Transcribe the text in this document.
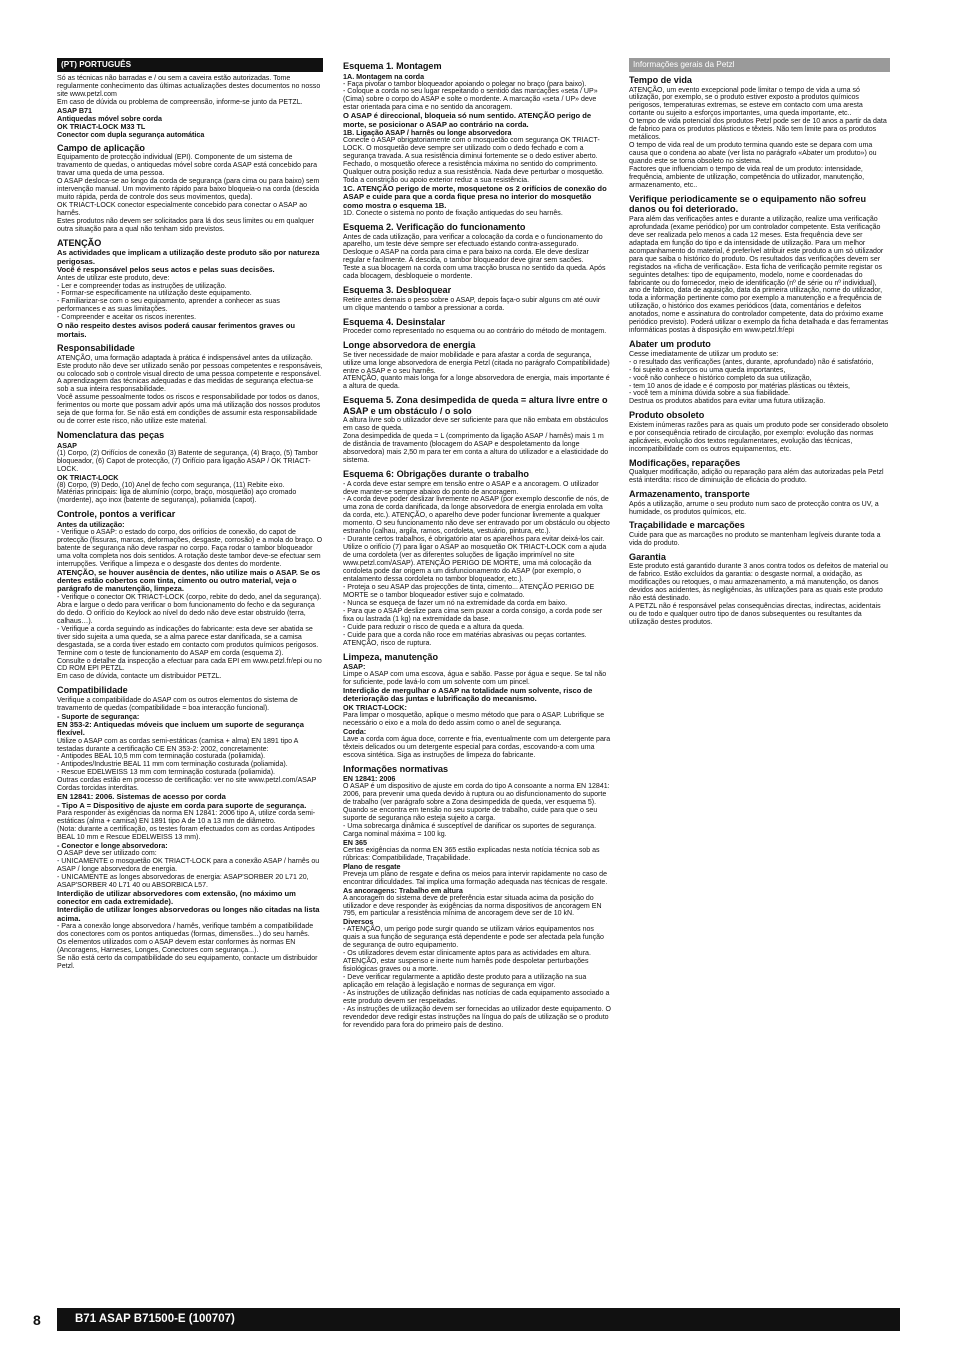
(PT) PORTUGUÊS
Só as técnicas não barradas e / ou sem a caveira estão autorizadas. Tome regularmente conhecimento das últimas actualizações destes documentos no nosso site www.petzl.com
Em caso de dúvida ou problema de compreensão, informe-se junto da PETZL.
ASAP B71
Antiquedas móvel sobre corda
OK TRIACT-LOCK M33 TL
Conector com dupla segurança automática
Campo de aplicação
Equipamento de protecção individual (EPI). Componente de um sistema de travamento de quedas, o antiquedas móvel sobre corda ASAP está concebido para travar uma queda de uma pessoa.
O ASAP desloca-se ao longo da corda de segurança (para cima ou para baixo) sem intervenção manual. Um movimento rápido para baixo bloqueia-o na corda (descida muito rápida, perda de controle dos seus movimentos, queda).
OK TRIACT-LOCK conector especialmente concebido para conectar o ASAP ao harnês.
Estes produtos não devem ser solicitados para lá dos seus limites ou em qualquer outra situação para a qual não tenham sido previstos.
ATENÇÃO
As actividades que implicam a utilização deste produto são por natureza perigosas.
Você é responsável pelos seus actos e pelas suas decisões.
Antes de utilizar este produto, deve:
- Ler e compreender todas as instruções de utilização.
- Formar-se especificamente na utilização deste equipamento.
- Familiarizar-se com o seu equipamento, aprender a conhecer as suas performances e as suas limitações.
- Compreender e aceitar os riscos inerentes.
O não respeito destes avisos poderá causar ferimentos graves ou mortais.
Responsabilidade
ATENÇÃO, uma formação adaptada à prática é indispensável antes da utilização.
Este produto não deve ser utilizado senão por pessoas competentes e responsáveis, ou colocado sob o controle visual directo de uma pessoa competente e responsável.
A aprendizagem das técnicas adequadas e das medidas de segurança efectua-se sob a sua inteira responsabilidade.
Você assume pessoalmente todos os riscos e responsabilidade por todos os danos, ferimentos ou morte que possam advir após uma má utilização dos nossos produtos seja de que forma for. Se não está em condições de assumir esta responsabilidade ou de correr este risco, não utilize este material.
Nomenclatura das peças
ASAP
(1) Corpo, (2) Orifícios de conexão (3) Batente de segurança, (4) Braço, (5) Tambor bloqueador, (6) Capot de protecção, (7) Orifício para ligação ASAP / OK TRIACT-LOCK.
OK TRIACT-LOCK
(8) Corpo, (9) Dedo, (10) Anel de fecho com segurança, (11) Rebite eixo.
Matérias principais: liga de alumínio (corpo, braço, mosquetão) aço cromado (mordente), aço inox (batente de segurança), poliamida (capot).
Controle, pontos a verificar
Antes da utilização:
- Verifique o ASAP: o estado do corpo, dos orifícios de conexão, do capot de protecção (fissuras, marcas, deformações, desgaste, corrosão) e a mola do braço. O batente de segurança não deve raspar no corpo. Faça rodar o tambor bloqueador uma volta completa nos dois sentidos. A rotação deste tambor deve-se efectuar sem interrupções. Verifique a limpeza e o desgaste dos dentes do mordente.
ATENÇÃO, se houver ausência de dentes, não utilize mais o ASAP. Se os dentes estão cobertos com tinta, cimento ou outro material, veja o parágrafo de manutenção, limpeza.
- Verifique o conector OK TRIACT-LOCK (corpo, rebite do dedo, anel da segurança). Abra e largue o dedo para verificar o bom funcionamento do fecho e da segurança do dedo. O orifício do Keylock ao nível do dedo não deve estar obstruído (terra, calhaus…).
- Verifique a corda seguindo as indicações do fabricante: esta deve ser abatida se tiver sido sujeita a uma queda, se a alma parece estar danificada, se a camisa desgastada, se a corda tiver estado em contacto com produtos químicos perigosos.
Termine com o teste de funcionamento do ASAP em corda (esquema 2).
Consulte o detalhe da inspecção a efectuar para cada EPI em www.petzl.fr/epi ou no CD ROM EPI PETZL.
Em caso de dúvida, contacte um distribuidor PETZL.
Compatibilidade
Verifique a compatibilidade do ASAP com os outros elementos do sistema de travamento de quedas (compatibilidade = boa interacção funcional).
- Suporte de segurança:
EN 353-2: Antiquedas móveis que incluem um suporte de segurança flexível.
Utilize o ASAP com as cordas semi-estáticas (camisa + alma) EN 1891 tipo A testadas durante a certificação CE EN 353-2: 2002, concretamente:
- Antipodes BEAL 10,5 mm com terminação costurada (poliamida).
- Antipodes/Industrie BEAL 11 mm com terminação costurada (poliamida).
- Rescue EDELWEISS 13 mm com terminação costurada (poliamida).
Outras cordas estão em processo de certificação: ver no site www.petzl.com/ASAP Cordas torcidas interditas.
EN 12841: 2006. Sistemas de acesso por corda
- Tipo A = Dispositivo de ajuste em corda para suporte de segurança.
Para responder às exigências da norma EN 12841: 2006 tipo A, utilize corda semi-estáticas (alma + camisa) EN 1891 tipo A de 10 a 13 mm de diâmetro.
(Nota: durante a certificação, os testes foram efectuados com as cordas Antipodes BEAL 10 mm e Rescue EDELWEISS 13 mm).
- Conector e longe absorvedora:
O ASAP deve ser utilizado com:
- UNICAMENTE o mosquetão OK TRIACT-LOCK para a conexão ASAP / harnês ou ASAP / longe absorvedora de energia.
- UNICAMENTE as longes absorvedoras de energia: ASAP'SORBER 20 L71 20, ASAP'SORBER 40 L71 40 ou ABSORBICA L57.
Interdição de utilizar absorvedores com extensão, (no máximo um conector em cada extremidade).
Interdição de utilizar longes absorvedoras ou longes não citadas na lista acima.
- Para a conexão longe absorvedora / harnês, verifique também a compatibilidade dos conectores com os pontos antiquedas (formas, dimensões...) do seu harnês.
Os elementos utilizados com o ASAP devem estar conformes às normas EN (Ancoragens, Harneses, Longes, Conectores com segurança...).
Se não está certo da compatibilidade do seu equipamento, contacte um distribuidor Petzl.
Esquema 1. Montagem
1A. Montagem na corda
- Faça pivotar o tambor bloqueador apoiando o polegar no braço (para baixo).
- Coloque a corda no seu lugar respeitando o sentido das marcações «seta / UP» (Cima) sobre o corpo do ASAP e solte o mordente. A marcação «seta / UP» deve estar orientada para cima e no sentido da ancoragem.
O ASAP é direccional, bloqueia só num sentido. ATENÇÃO perigo de morte, se posicionar o ASAP ao contrário na corda.
1B. Ligação ASAP / harnês ou longe absorvedora
Conecte o ASAP obrigatoriamente com o mosquetão com segurança OK TRIACT-LOCK. O mosquetão deve sempre ser utilizado com o dedo fechado e com a segurança travada. A sua resistência diminui fortemente se o dedo estiver aberto. Fechado, o mosquetão oferece a resistência máxima no sentido do comprimento. Qualquer outra posição reduz a sua resistência. Nada deve perturbar o mosquetão. Toda a constrição ou apoio exterior reduz a sua resistência.
1C. ATENÇÃO perigo de morte, mosquetone os 2 orifícios de conexão do ASAP e cuide para que a corda fique presa no interior do mosquetão como mostra o esquema 1B.
1D. Conecte o sistema no ponto de fixação antiquedas do seu harnês.
Esquema 2. Verificação do funcionamento
Antes de cada utilização, para verificar a colocação da corda e o funcionamento do aparelho, um teste deve sempre ser efectuado estando contra-assegurado.
Desloque o ASAP na corda para cima e para baixo na corda. Ele deve deslizar regular e facilmente. À descida, o tambor bloqueador deve girar sem sacões.
Teste a sua blocagem na corda com uma tracção brusca no sentido da queda. Após cada blocagem, desbloqueie o mordente.
Esquema 3. Desbloquear
Retire antes demais o peso sobre o ASAP, depois faça-o subir alguns cm até ouvir um clique mantendo o tambor a pressionar a corda.
Esquema 4. Desinstalar
Proceder como representado no esquema ou ao contrário do método de montagem.
Longe absorvedora de energia
Se tiver necessidade de maior mobilidade e para afastar a corda de segurança, utilize uma longe absorvedora de energia Petzl (citada no parágrafo Compatibilidade) entre o ASAP e o seu harnês.
ATENÇÃO, quanto mais longa for a longe absorvedora de energia, mais importante é a altura de queda.
Esquema 5. Zona desimpedida de queda = altura livre entre o ASAP e um obstáculo / o solo
A altura livre sob o utilizador deve ser suficiente para que não embata em obstáculos em caso de queda.
Zona desimpedida de queda = L (comprimento da ligação ASAP / harnês) mais 1 m de distância de travamento (blocagem do ASAP e despoletamento da longe absorvedora) mais 2,50 m para ter em conta a altura do utilizador e a elasticidade do sistema.
Esquema 6: Obrigações durante o trabalho
- A corda deve estar sempre em tensão entre o ASAP e a ancoragem. O utilizador deve manter-se sempre abaixo do ponto de ancoragem.
- A corda deve poder deslizar livremente no ASAP (por exemplo desconfie de nós, de uma zona de corda danificada, da longe absorvedora de energia enrolada em volta da corda, etc.). ATENÇÃO, o aparelho deve poder funcionar livremente a qualquer momento. O seu funcionamento não deve ser entravado por um obstáculo ou objecto estranho (calhau, argila, ramos, cordoleta, vestuário, pintura, etc.).
- Durante certos trabalhos, é obrigatório atar os aparelhos para evitar deixá-los cair. Utilize o orifício (7) para ligar o ASAP ao mosquetão OK TRIACT-LOCK com a ajuda de uma cordoleta (ver as diferentes soluções de ligação imprimível no site www.petzl.com/ASAP). ATENÇÃO PERIGO DE MORTE, uma má colocação da cordoleta pode dar origem a um disfuncionamento do ASAP (por exemplo, o entalamento dessa cordoleta no tambor bloqueador, etc.).
- Proteja o seu ASAP das projecções de tinta, cimento... ATENÇÃO PERIGO DE MORTE se o tambor bloqueador estiver sujo e colmatado.
- Nunca se esqueça de fazer um nó na extremidade da corda em baixo.
- Para que o ASAP deslize para cima sem puxar a corda consigo, a corda pode ser fixa ou lastrada (1 kg) na extremidade da base.
- Cuide para reduzir o risco de queda e a altura da queda.
- Cuide para que a corda não roce em matérias abrasivas ou peças cortantes. ATENÇÃO, risco de ruptura.
Limpeza, manutenção
ASAP:
Limpe o ASAP com uma escova, água e sabão. Passe por água e seque. Se tal não for suficiente, pode lavá-lo com um solvente com um pincel.
Interdição de mergulhar o ASAP na totalidade num solvente, risco de deterioração das juntas e lubrificação do mecanismo.
OK TRIACT-LOCK:
Para limpar o mosquetão, aplique o mesmo método que para o ASAP. Lubrifique se necessário o eixo e a mola do dedo assim como o anel de segurança.
Corda:
Lave a corda com água doce, corrente e fria, eventualmente com um detergente para têxteis delicados ou um detergente especial para cordas, escovando-a com uma escova sintética. Siga as instruções de limpeza do fabricante.
Informações normativas
EN 12841: 2006
O ASAP é um dispositivo de ajuste em corda do tipo A consoante a norma EN 12841: 2006, para prevenir uma queda devido à ruptura ou ao disfuncionamento do suporte de trabalho (ver parágrafo sobre a Zona desimpedida de queda, ver esquema 5).
Quando se encontra em tensão no seu suporte de trabalho, cuide para que o seu suporte de segurança não esteja sujeito a carga.
- Uma sobrecarga dinâmica é susceptível de danificar os suportes de segurança.
Carga nominal máxima = 100 kg.
EN 365
Certas exigências da norma EN 365 estão explicadas nesta notícia técnica sob as rúbricas: Compatibilidade, Traçabilidade.
Plano de resgate
Preveja um plano de resgate e defina os meios para intervir rapidamente no caso de encontrar dificuldades. Tal implica uma formação adequada nas técnicas de resgate.
As ancoragens: Trabalho em altura
A ancoragem do sistema deve de preferência estar situada acima da posição do utilizador e deve responder às exigências da norma dispositivos de ancoragem EN 795, em particular a resistência mínima de ancoragem deve ser de 10 kN.
Diversos
- ATENÇÃO, um perigo pode surgir quando se utilizam vários equipamentos nos quais a sua função de segurança está dependente e pode ser afectada pela função de segurança de outro equipamento.
- Os utilizadores devem estar clinicamente aptos para as actividades em altura. ATENÇÃO, estar suspenso e inerte num harnês pode despoletar perturbações fisiológicas graves ou a morte.
- Deve verificar regularmente a aptidão deste produto para a utilização na sua aplicação em relação à legislação e normas de segurança em vigor.
- As instruções de utilização definidas nas notícias de cada equipamento associado a este produto devem ser respeitadas.
- As instruções de utilização devem ser fornecidas ao utilizador deste equipamento. O revendedor deve redigir estas instruções na língua do país de utilização se o produto for revendido para fora do primeiro país de destino.
Informações gerais da Petzl
Tempo de vida
ATENÇÃO, um evento excepcional pode limitar o tempo de vida a uma só utilização, por exemplo, se o produto estiver exposto a produtos químicos perigosos, temperaturas extremas, se esteve em contacto com uma aresta cortante ou sujeito a esforços importantes, uma queda importante, etc..
O tempo de vida potencial dos produtos Petzl pode ser de 10 anos a partir da data de fabrico para os produtos plásticos e têxteis. Não tem limite para os produtos metálicos.
O tempo de vida real de um produto termina quando este se depara com uma causa que o condena ao abate (ver lista no parágrafo «Abater um produto») ou quando este se torna obsoleto no sistema.
Factores que influenciam o tempo de vida real de um produto: intensidade, frequência, ambiente de utilização, competência do utilizador, manutenção, armazenamento, etc..
Verifique periodicamente se o equipamento não sofreu danos ou foi deteriorado.
Para além das verificações antes e durante a utilização, realize uma verificação aprofundada (exame periódico) por um controlador competente. Esta verificação deve ser realizada pelo menos a cada 12 meses. Esta frequência deve ser adaptada em função do tipo e da intensidade de utilização. Para um melhor acompanhamento do material, é preferível atribuir este produto a um só utilizador para que saiba o histórico do produto. Os resultados das verificações devem ser registados na «ficha de verificação». Esta ficha de verificação permite registar os seguintes detalhes: tipo de equipamento, modelo, nome e coordenadas do fabricante ou do fornecedor, meio de identificação (nº de série ou nº individual), ano de fabrico, data de aquisição, data da primeira utilização, nome do utilizador, toda a informação pertinente como por exemplo a manutenção e a frequência de utilização, o histórico dos exames periódicos (data, comentários e defeitos anotados, nome e assinatura do controlador competente, data do próximo exame periódico previsto). Poderá utilizar o exemplo da ficha detalhada e das ferramentas informáticas postas à disposição em www.petzl.fr/epi
Abater um produto
Cesse imediatamente de utilizar um produto se:
- o resultado das verificações (antes, durante, aprofundado) não é satisfatório,
- foi sujeito a esforços ou uma queda importantes,
- você não conhece o histórico completo da sua utilização,
- tem 10 anos de idade e é composto por matérias plásticas ou têxteis,
- você tem a mínima dúvida sobre a sua fiabilidade.
Destrua os produtos abatidos para evitar uma futura utilização.
Produto obsoleto
Existem inúmeras razões para as quais um produto pode ser considerado obsoleto e por consequência retirado de circulação, por exemplo: evolução das normas aplicáveis, evolução dos textos regulamentares, evolução das técnicas, incompatibilidade com os outros equipamentos, etc.
Modificações, reparações
Qualquer modificação, adição ou reparação para além das autorizadas pela Petzl está interdita: risco de diminuição de eficácia do produto.
Armazenamento, transporte
Após a utilização, arrume o seu produto num saco de protecção contra os UV, a humidade, os produtos químicos, etc.
Traçabilidade e marcações
Cuide para que as marcações no produto se mantenham legíveis durante toda a vida do produto.
Garantia
Este produto está garantido durante 3 anos contra todos os defeitos de material ou de fabrico. Estão excluídos da garantia: o desgaste normal, a oxidação, as modificações ou retoques, o mau armazenamento, a má manutenção, os danos devidos aos acidentes, às negligências, às utilizações para as quais este produto não está destinado.
A PETZL não é responsável pelas consequências directas, indirectas, acidentais ou de todo e qualquer outro tipo de danos subsequentes ou resultantes da utilização destes produtos.
8	B71 ASAP B71500-E (100707)
